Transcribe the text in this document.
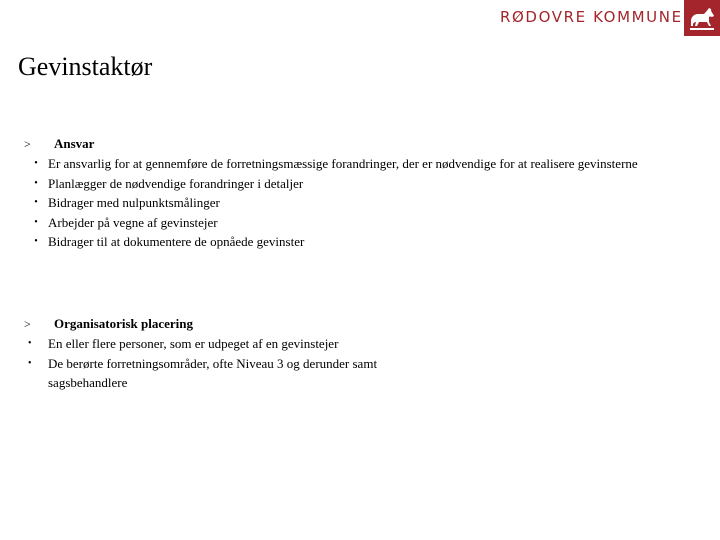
RØDOVRE KOMMUNE
Gevinstaktør
>	Ansvar
• Er ansvarlig for at gennemføre de forretningsmæssige forandringer, der er nødvendige for at realisere gevinsterne
• Planlægger de nødvendige forandringer i detaljer
• Bidrager med nulpunktsmålinger
• Arbejder på vegne af gevinstejer
• Bidrager til at dokumentere de opnåede gevinster
>	Organisatorisk placering
•	En eller flere personer, som er udpeget af en gevinstejer
•	De berørte forretningsområder, ofte Niveau 3 og derunder samt sagsbehandlere
